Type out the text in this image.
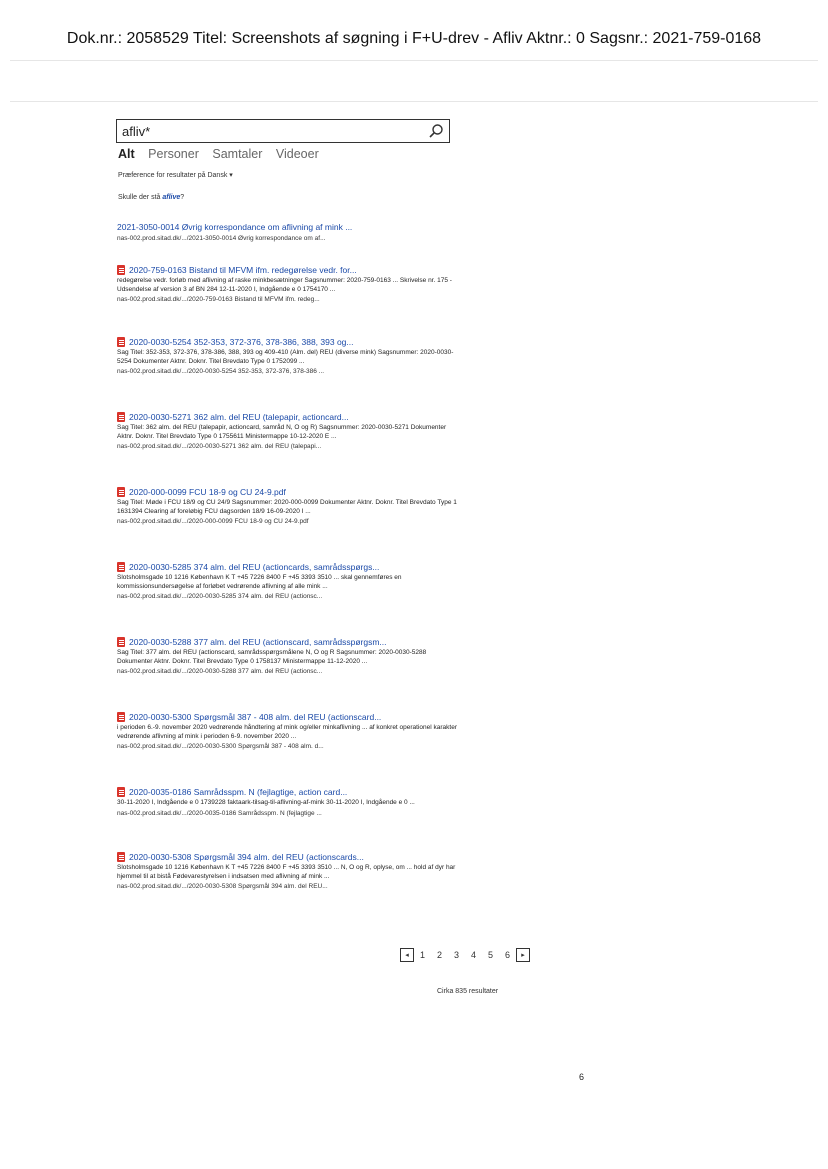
Dok.nr.: 2058529 Titel: Screenshots af søgning i F+U-drev - Afliv Aktnr.: 0 Sagsnr.: 2021-759-0168
afliv*
Alt Personer Samtaler Videoer
Præference for resultater på Dansk ▾
Skulle der stå aflive?
2021-3050-0014 Øvrig korrespondance om aflivning af mink ...
nas-002.prod.sitad.dk/.../2021-3050-0014 Øvrig korrespondance om af...
2020-759-0163 Bistand til MFVM ifm. redegørelse vedr. for...
redegørelse vedr. forløb med aflivning af raske minkbesætninger Sagsnummer: 2020-759-0163 ... Skrivelse nr. 175 - Udsendelse af version 3 af BN 284 12-11-2020 I, Indgående e 0 1754170 ...
nas-002.prod.sitad.dk/.../2020-759-0163 Bistand til MFVM ifm. redeg...
2020-0030-5254 352-353, 372-376, 378-386, 388, 393 og...
Sag Titel: 352-353, 372-376, 378-386, 388, 393 og 409-410 (Alm. del) REU (diverse mink) Sagsnummer: 2020-0030-5254 Dokumenter Aktnr. Doknr. Titel Brevdato Type 0 1752099 ...
nas-002.prod.sitad.dk/.../2020-0030-5254 352-353, 372-376, 378-386 ...
2020-0030-5271 362 alm. del REU (talepapir, actioncard...
Sag Titel: 362 alm. del REU (talepapir, actioncard, samråd N, O og R) Sagsnummer: 2020-0030-5271 Dokumenter Aktnr. Doknr. Titel Brevdato Type 0 1755611 Ministermappe 10-12-2020 E ...
nas-002.prod.sitad.dk/.../2020-0030-5271 362 alm. del REU (talepapi...
2020-000-0099 FCU 18-9 og CU 24-9.pdf
Sag Titel: Møde i FCU 18/9 og CU 24/9 Sagsnummer: 2020-000-0099 Dokumenter Aktnr. Doknr. Titel Brevdato Type 1 1631394 Clearing af foreløbig FCU dagsorden 18/9 16-09-2020 I ...
nas-002.prod.sitad.dk/.../2020-000-0099 FCU 18-9 og CU 24-9.pdf
2020-0030-5285 374 alm. del REU (actioncards, samrådsspørgs...
Slotsholmsgade 10 1216 København K T +45 7226 8400 F +45 3393 3510 ... skal gennemføres en kommissionsundersøgelse af forløbet vedrørende aflivning af alle mink ...
nas-002.prod.sitad.dk/.../2020-0030-5285 374 alm. del REU (actionsc...
2020-0030-5288 377 alm. del REU (actionscard, samrådsspørgsm...
Sag Titel: 377 alm. del REU (actionscard, samrådsspørgsmålene N, O og R Sagsnummer: 2020-0030-5288 Dokumenter Aktnr. Doknr. Titel Brevdato Type 0 1758137 Ministermappe 11-12-2020 ...
nas-002.prod.sitad.dk/.../2020-0030-5288 377 alm. del REU (actionsc...
2020-0030-5300 Spørgsmål 387 - 408 alm. del REU (actionscard...
i perioden 6.-9. november 2020 vedrørende håndtering af mink og/eller minkaflivning ... af konkret operationel karakter vedrørende aflivning af mink i perioden 6-9. november 2020 ...
nas-002.prod.sitad.dk/.../2020-0030-5300 Spørgsmål 387 - 408 alm. d...
2020-0035-0186 Samrådsspm. N (fejlagtige, action card...
30-11-2020 I, Indgående e 0 1739228 faktaark-tilsag-til-aflivning-af-mink 30-11-2020 I, Indgående e 0 ...
nas-002.prod.sitad.dk/.../2020-0035-0186 Samrådsspm. N (fejlagtige ...
2020-0030-5308 Spørgsmål 394 alm. del REU (actionscards...
Slotsholmsgade 10 1216 København K T +45 7226 8400 F +45 3393 3510 ... N, O og R, oplyse, om ... hold af dyr har hjemmel til at bistå Fødevarestyrelsen i indsatsen med aflivning af mink ...
nas-002.prod.sitad.dk/.../2020-0030-5308 Spørgsmål 394 alm. del REU...
◂	1	2	3	4	5	6	▸
Cirka 835 resultater
6
